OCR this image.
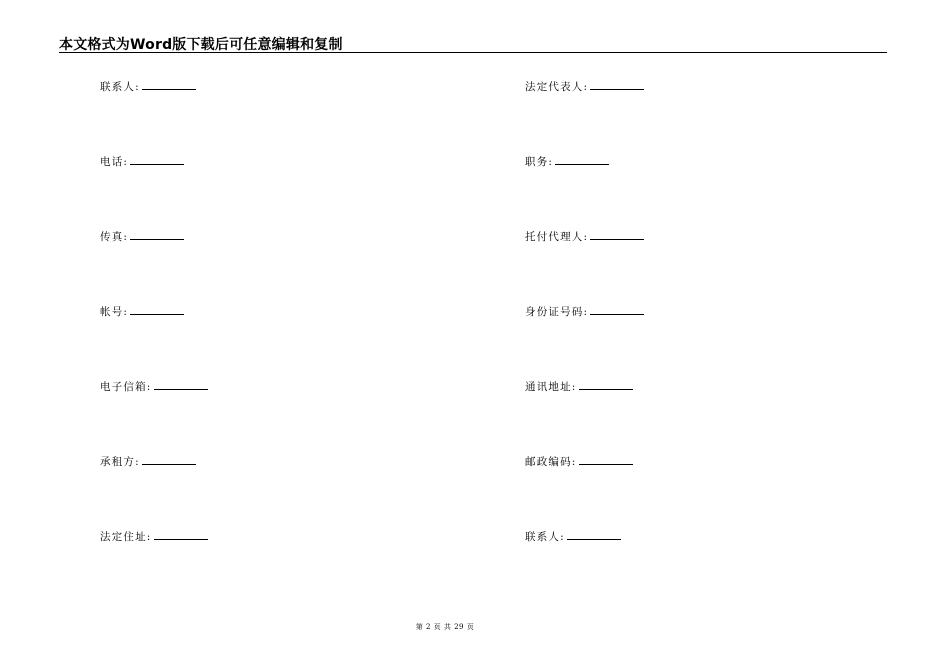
本文格式为Word版下载后可任意编辑和复制
联系人:
电话:
传真:
帐号:
电子信箱:
承租方:
法定住址:
法定代表人:
职务:
托付代理人:
身份证号码:
通讯地址:
邮政编码:
联系人:
第 2 页 共 29 页
